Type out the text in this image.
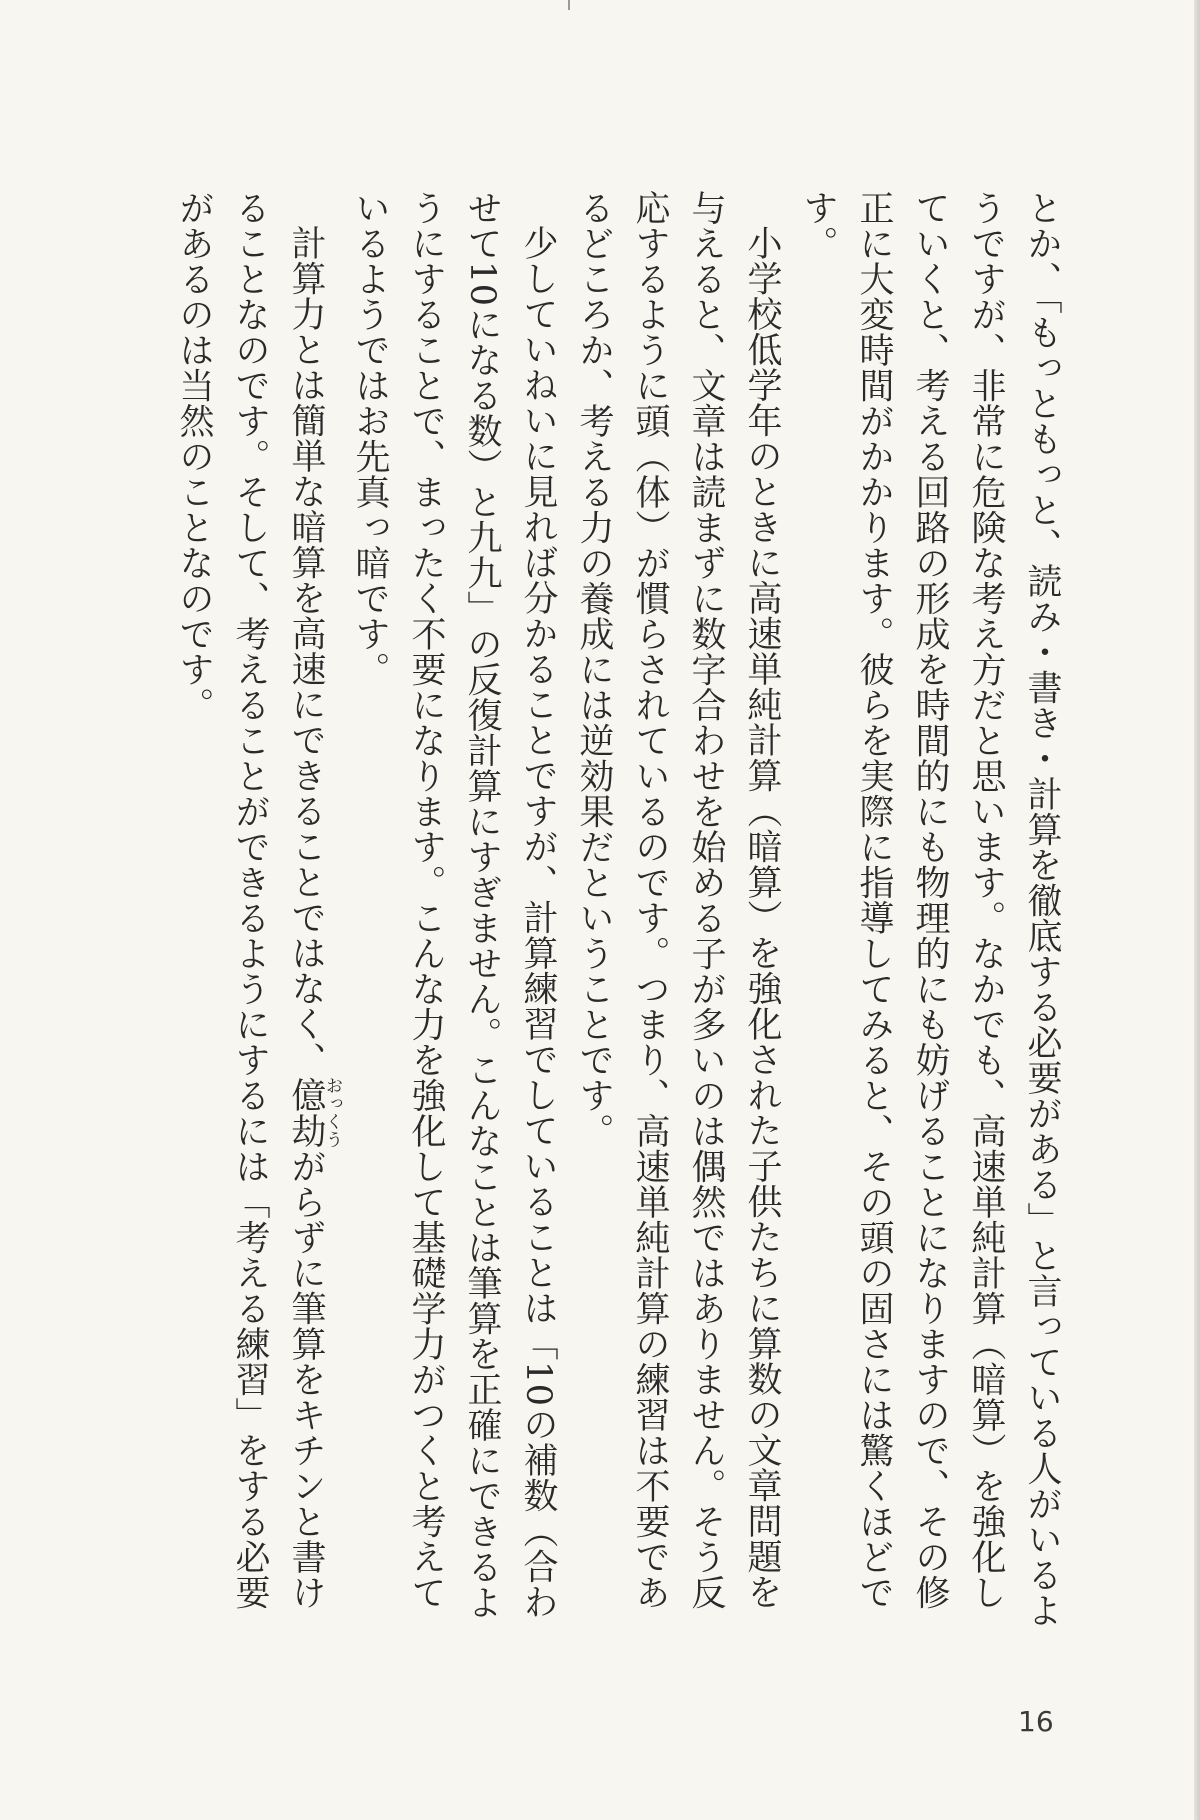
とか、「もっともっと、読み・書き・計算を徹底する必要がある」と言っている人がいるようですが、非常に危険な考え方だと思います。なかでも、高速単純計算（暗算）を強化していくと、考える回路の形成を時間的にも物理的にも妨げることになりますので、その修正に大変時間がかかります。彼らを実際に指導してみると、その頭の固さには驚くほどです。

小学校低学年のときに高速単純計算（暗算）を強化された子供たちに算数の文章問題を与えると、文章は読まずに数字合わせを始める子が多いのは偶然ではありません。そう反応するように頭（体）が慣らされているのです。つまり、高速単純計算の練習は不要であるどころか、考える力の養成には逆効果だということです。

少していねいに見れば分かることですが、計算練習でしていることは「10の補数（合わせて10になる数）と九九」の反復計算にすぎません。こんなことは筆算を正確にできるようにすることで、まったく不要になります。こんな力を強化して基礎学力がつくと考えているようではお先真っ暗です。

計算力とは簡単な暗算を高速にできることではなく、億劫おっくうがらずに筆算をキチンと書けることなのです。そして、考えることができるようにするには「考える練習」をする必要があるのは当然のことなのです。

16
